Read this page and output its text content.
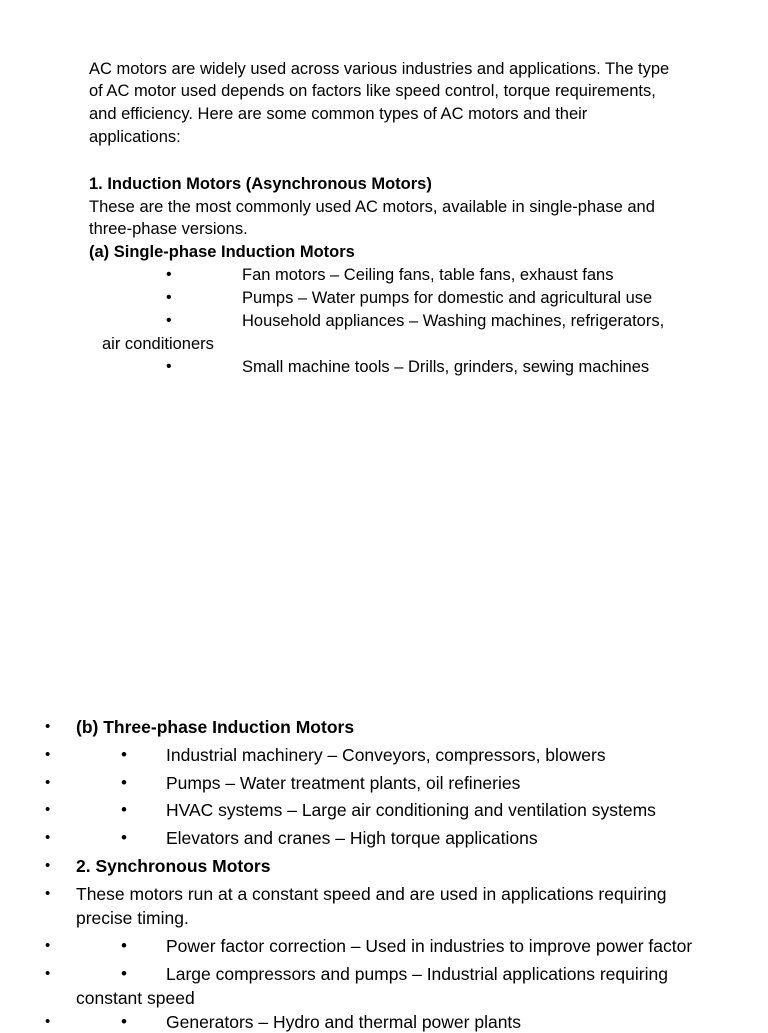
AC motors are widely used across various industries and applications. The type
of AC motor used depends on factors like speed control, torque requirements,
and efficiency. Here are some common types of AC motors and their
applications:
1. Induction Motors (Asynchronous Motors)
These are the most commonly used AC motors, available in single-phase and
three-phase versions.
(a) Single-phase Induction Motors
•	Fan motors – Ceiling fans, table fans, exhaust fans
•	Pumps – Water pumps for domestic and agricultural use
•	Household appliances – Washing machines, refrigerators,
air conditioners
•	Small machine tools – Drills, grinders, sewing machines
• (b) Three-phase Induction Motors
•	• Industrial machinery – Conveyors, compressors, blowers
•	• Pumps – Water treatment plants, oil refineries
•	• HVAC systems – Large air conditioning and ventilation systems
•	• Elevators and cranes – High torque applications
• 2. Synchronous Motors
• These motors run at a constant speed and are used in applications requiring
precise timing.
•	• Power factor correction – Used in industries to improve power factor
•	• Large compressors and pumps – Industrial applications requiring
constant speed
•	• Generators – Hydro and thermal power plants
